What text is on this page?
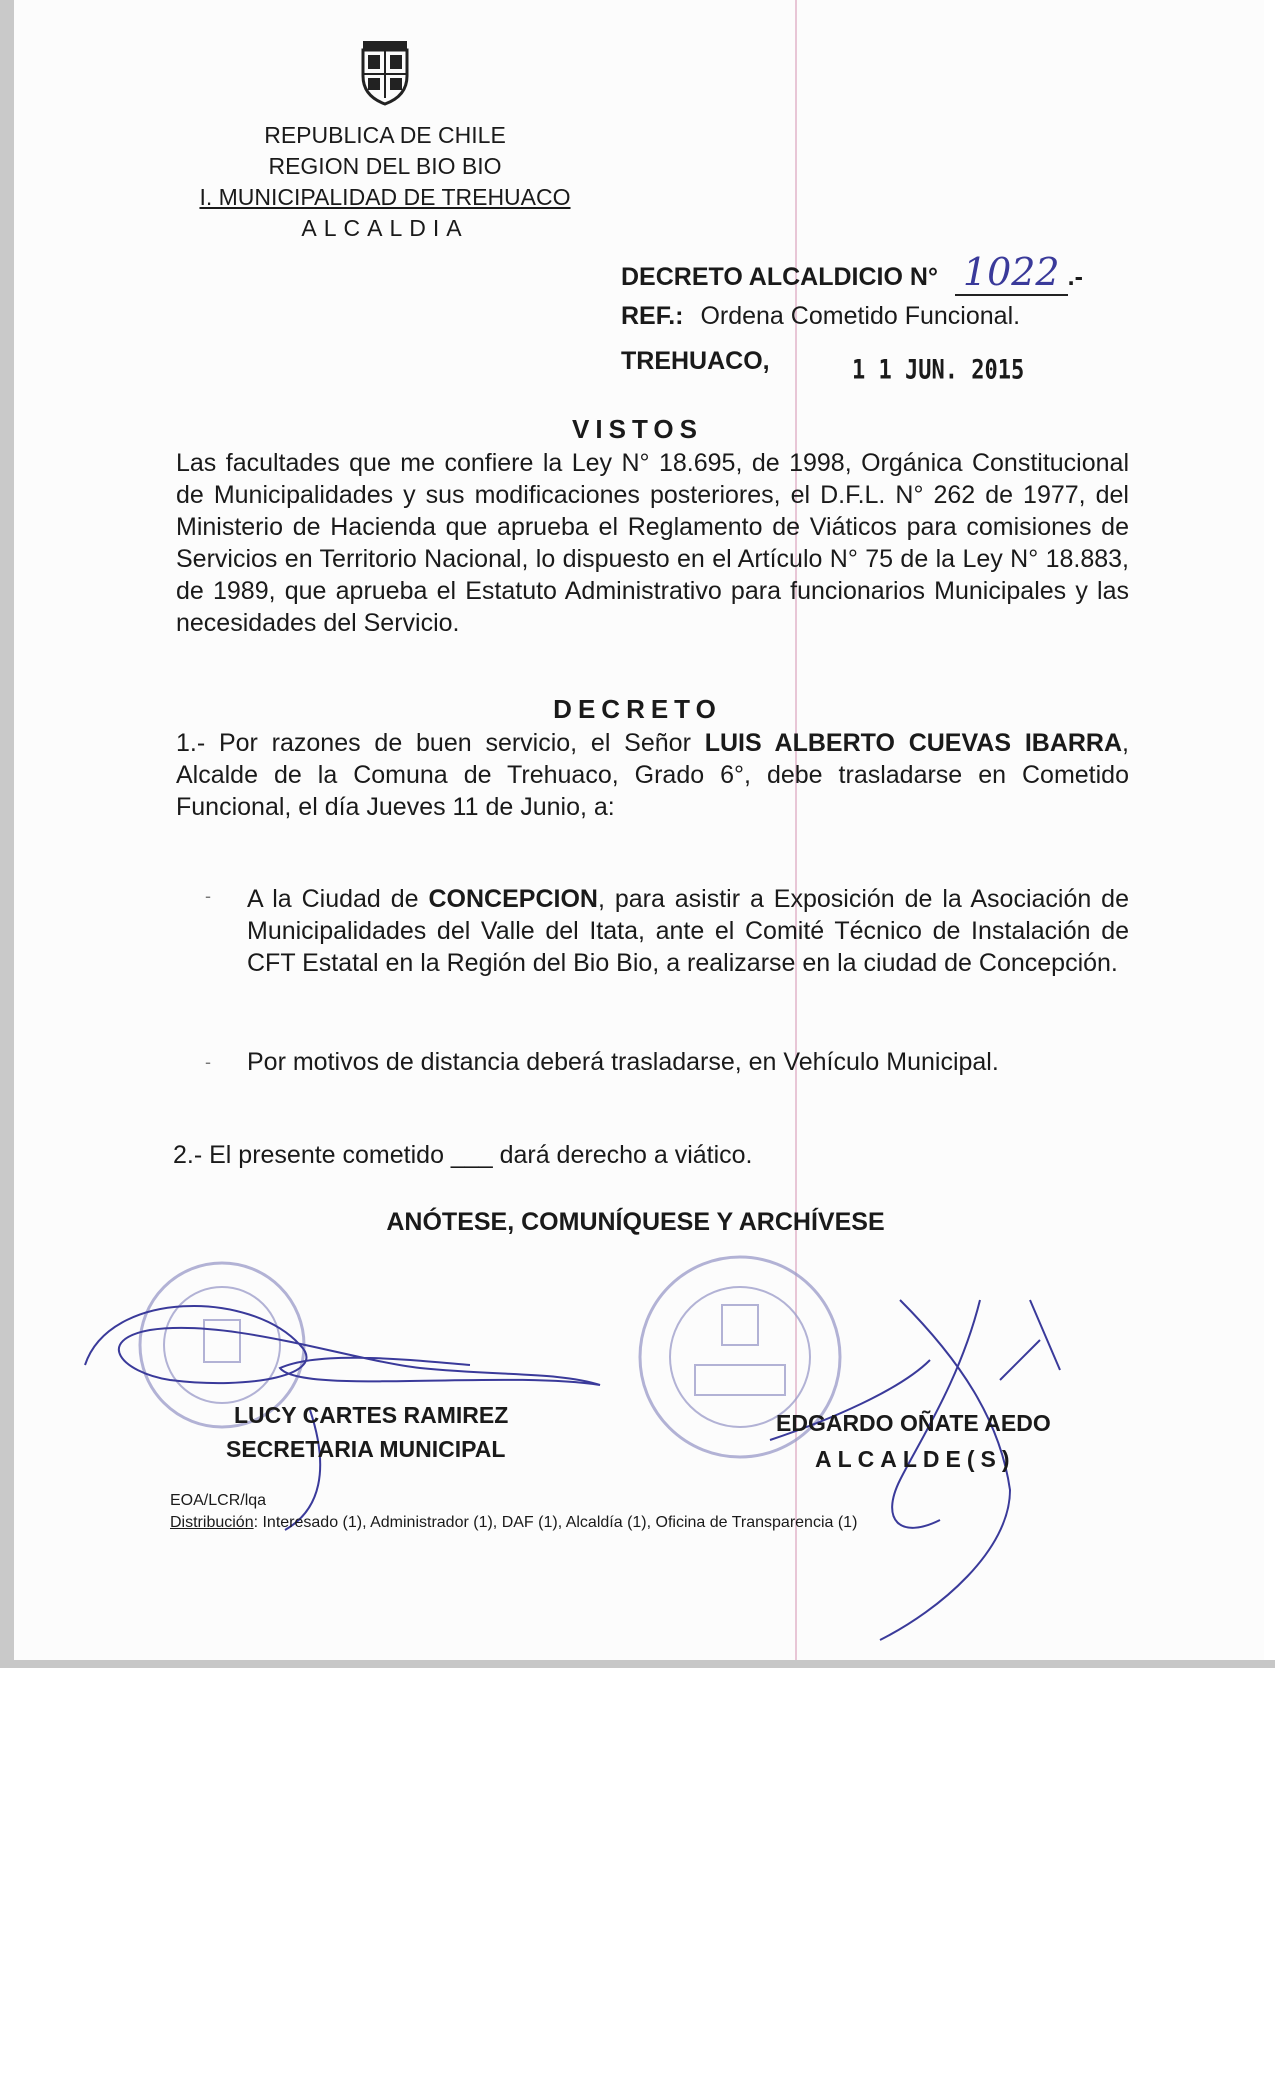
REPUBLICA DE CHILE
REGION DEL BIO BIO
I. MUNICIPALIDAD DE TREHUACO
ALCALDIA
DECRETO ALCALDICIO N° 1022 .-
REF.: Ordena Cometido Funcional.
TREHUACO,	1 1 JUN. 2015
VISTOS
Las facultades que me confiere la Ley N° 18.695, de 1998, Orgánica Constitucional de Municipalidades y sus modificaciones posteriores, el D.F.L. N° 262 de 1977, del Ministerio de Hacienda que aprueba el Reglamento de Viáticos para comisiones de Servicios en Territorio Nacional, lo dispuesto en el Artículo N° 75 de la Ley N° 18.883, de 1989, que aprueba el Estatuto Administrativo para funcionarios Municipales y las necesidades del Servicio.
DECRETO
1.- Por razones de buen servicio, el Señor LUIS ALBERTO CUEVAS IBARRA, Alcalde de la Comuna de Trehuaco, Grado 6°, debe trasladarse en Cometido Funcional, el día Jueves 11 de Junio, a:
- A la Ciudad de CONCEPCION, para asistir a Exposición de la Asociación de Municipalidades del Valle del Itata, ante el Comité Técnico de Instalación de CFT Estatal en la Región del Bio Bio, a realizarse en la ciudad de Concepción.
- Por motivos de distancia deberá trasladarse, en Vehículo Municipal.
2.- El presente cometido ___ dará derecho a viático.
ANÓTESE, COMUNÍQUESE Y ARCHÍVESE
LUCY CARTES RAMIREZ
SECRETARIA MUNICIPAL
EDGARDO OÑATE AEDO
ALCALDE(S)
EOA/LCR/lqa
Distribución: Interesado (1), Administrador (1), DAF (1), Alcaldía (1), Oficina de Transparencia (1)
